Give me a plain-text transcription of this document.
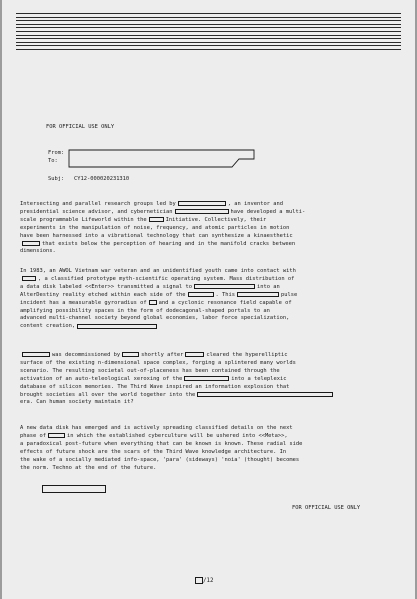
FOR OFFICIAL USE ONLY
From:
To:
Subj: CY12-000020231310
Intersecting and parallel research groups led by	, an inventor and
presidential science advisor, and cybernetician	have developed a multi-
scale programmable Lifeworld within the	Initiative. Collectively, their
experiments in the manipulation of noise, frequency, and atomic particles in motion
have been harnessed into a vibrational technology that can synthesize a kinaesthetic
that exists below the perception of hearing and in the manifold cracks between
dimensions.
In 1983, an AWOL Vietnam war veteran and an unidentified youth came into contact with
, a classified prototype myth-scientific operating system. Mass distribution of
a data disk labeled <<Enter>> transmitted a signal to	into an
AlterDestiny reality etched within each side of the	. This	pulse
incident has a measurable gyroradius of and a cyclonic resonance field capable of
amplifying possibility spaces in the form of dodecagonal-shaped portals to an
advanced multi-channel society beyond global economies, labor force specialization,
content creation,
was decommissioned by	shortly after	cleared the hyperelliptic
surface of the existing n-dimensional space complex, forging a splintered many worlds
scenario. The resulting societal out-of-placeness has been contained through the
activation of an auto-teleological xeroxing of the	into a teleplexic
database of silicon memories. The Third Wave inspired an information explosion that
brought societies all over the world together into the
era. Can human society maintain it?
A new data disk has emerged and is actively spreading classified details on the next
phase of	in which the established cyberculture will be ushered into <<Meta>>,
a paradoxical post-future when everything that can be known is known. These radial side
effects of future shock are the scars of the Third Wave knowledge architecture. In
the wake of a socially mediated info-space, 'para' (sideways) 'noia' (thought) becomes
the norm. Techno at the end of the future.
FOR OFFICIAL USE ONLY
/12
